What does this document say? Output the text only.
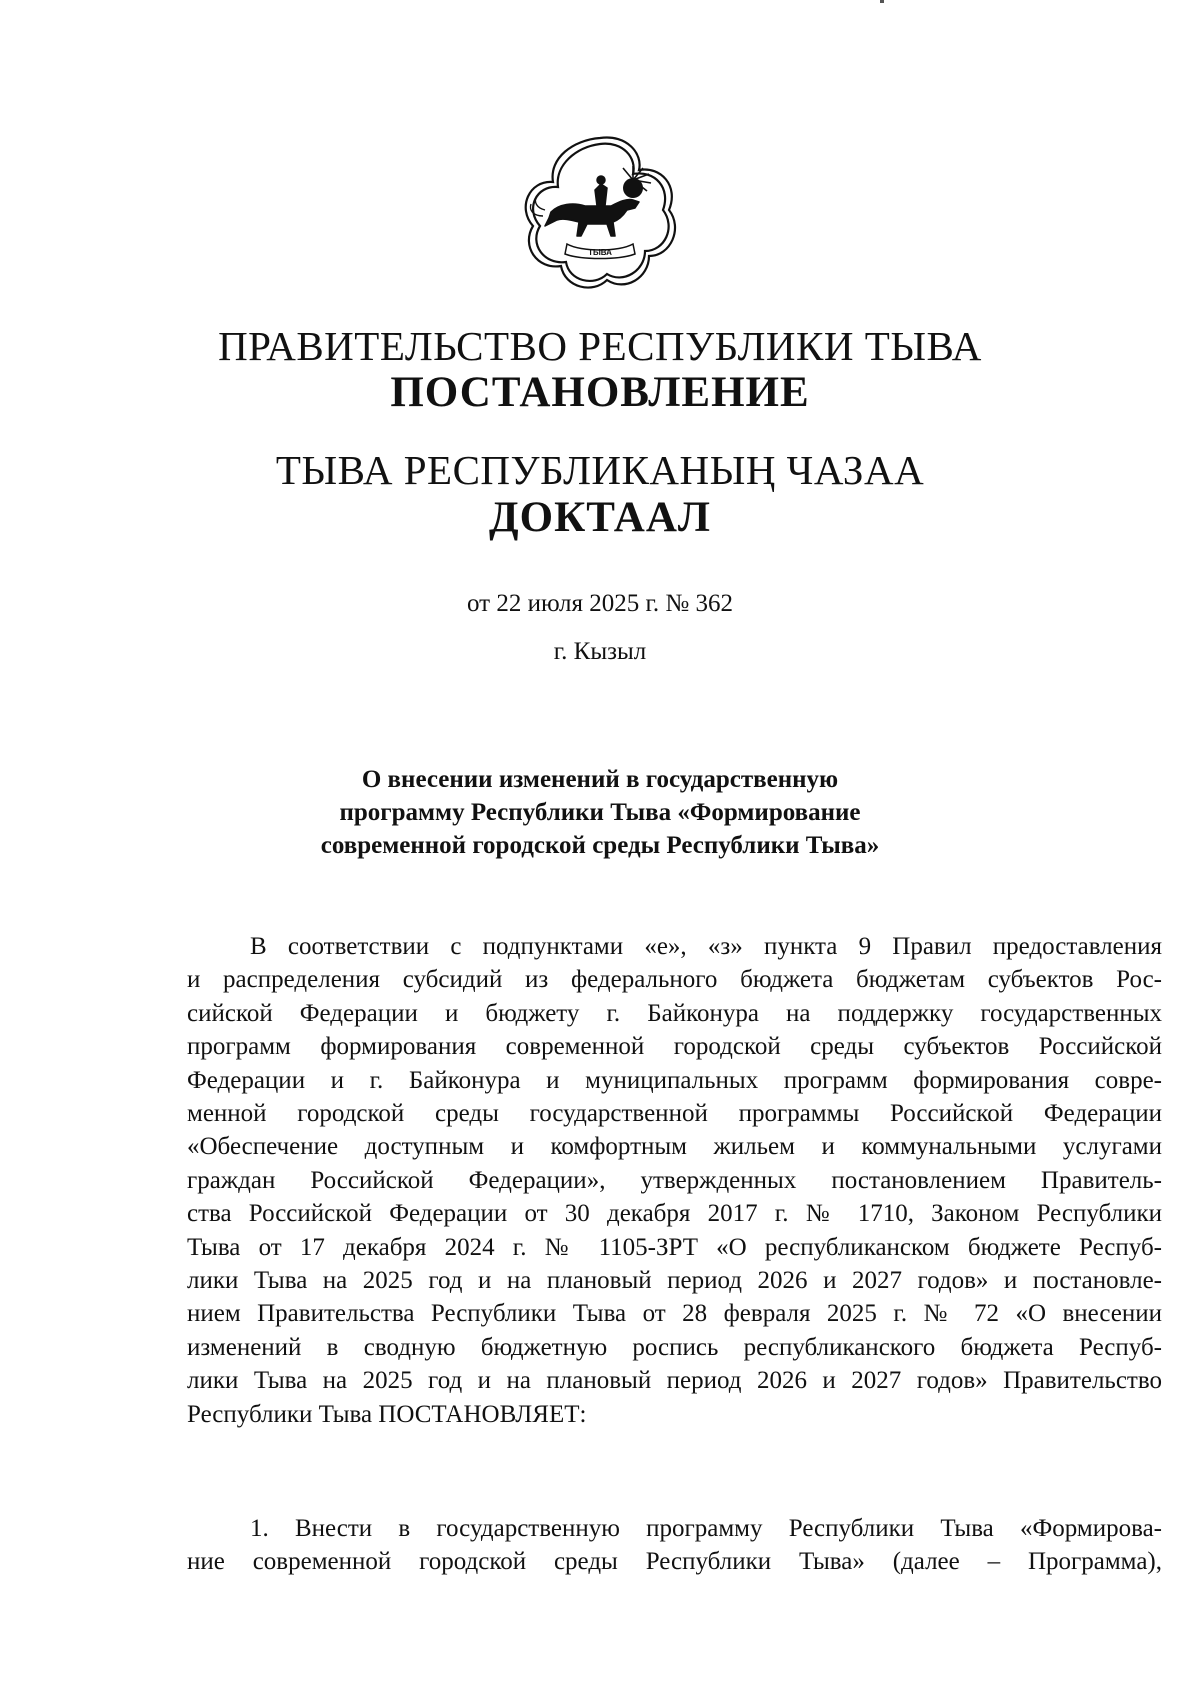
ТЫВА
ПРАВИТЕЛЬСТВО РЕСПУБЛИКИ ТЫВА
ПОСТАНОВЛЕНИЕ
ТЫВА РЕСПУБЛИКАНЫҢ ЧАЗАА
ДОКТААЛ
от 22 июля 2025 г. № 362
г. Кызыл
О внесении изменений в государственную
программу Республики Тыва «Формирование
современной городской среды Республики Тыва»
В соответствии с подпунктами «е», «з» пункта 9 Правил предоставления
и распределения субсидий из федерального бюджета бюджетам субъектов Рос-
сийской Федерации и бюджету г. Байконура на поддержку государственных
программ формирования современной городской среды субъектов Российской
Федерации и г. Байконура и муниципальных программ формирования совре-
менной городской среды государственной программы Российской Федерации
«Обеспечение доступным и комфортным жильем и коммунальными услугами
граждан Российской Федерации», утвержденных постановлением Правитель-
ства Российской Федерации от 30 декабря 2017 г. № 1710, Законом Республики
Тыва от 17 декабря 2024 г. № 1105-ЗРТ «О республиканском бюджете Респуб-
лики Тыва на 2025 год и на плановый период 2026 и 2027 годов» и постановле-
нием Правительства Республики Тыва от 28 февраля 2025 г. № 72 «О внесении
изменений в сводную бюджетную роспись республиканского бюджета Респуб-
лики Тыва на 2025 год и на плановый период 2026 и 2027 годов» Правительство
Республики Тыва ПОСТАНОВЛЯЕТ:
1. Внести в государственную программу Республики Тыва «Формирова-
ние современной городской среды Республики Тыва» (далее – Программа),
